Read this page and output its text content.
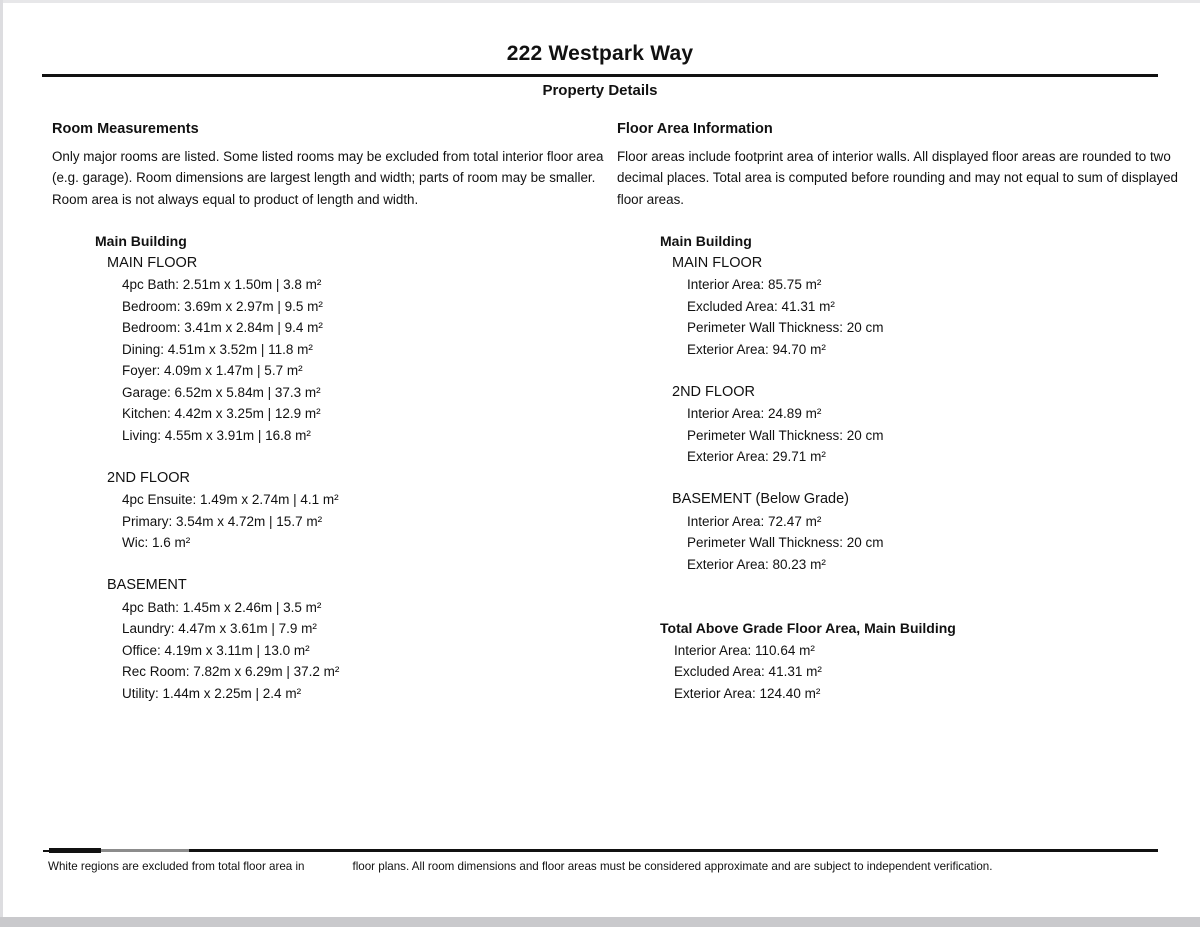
222 Westpark Way
Property Details
Room Measurements
Only major rooms are listed. Some listed rooms may be excluded from total interior floor area
(e.g. garage). Room dimensions are largest length and width; parts of room may be smaller.
Room area is not always equal to product of length and width.
Main Building
MAIN FLOOR
4pc Bath: 2.51m x 1.50m | 3.8 m²
Bedroom: 3.69m x 2.97m | 9.5 m²
Bedroom: 3.41m x 2.84m | 9.4 m²
Dining: 4.51m x 3.52m | 11.8 m²
Foyer: 4.09m x 1.47m | 5.7 m²
Garage: 6.52m x 5.84m | 37.3 m²
Kitchen: 4.42m x 3.25m | 12.9 m²
Living: 4.55m x 3.91m | 16.8 m²
2ND FLOOR
4pc Ensuite: 1.49m x 2.74m | 4.1 m²
Primary: 3.54m x 4.72m | 15.7 m²
Wic: 1.6 m²
BASEMENT
4pc Bath: 1.45m x 2.46m | 3.5 m²
Laundry: 4.47m x 3.61m | 7.9 m²
Office: 4.19m x 3.11m | 13.0 m²
Rec Room: 7.82m x 6.29m | 37.2 m²
Utility: 1.44m x 2.25m | 2.4 m²
Floor Area Information
Floor areas include footprint area of interior walls. All displayed floor areas are rounded to two
decimal places. Total area is computed before rounding and may not equal to sum of displayed
floor areas.
Main Building
MAIN FLOOR
Interior Area: 85.75 m²
Excluded Area: 41.31 m²
Perimeter Wall Thickness: 20 cm
Exterior Area: 94.70 m²
2ND FLOOR
Interior Area: 24.89 m²
Perimeter Wall Thickness: 20 cm
Exterior Area: 29.71 m²
BASEMENT (Below Grade)
Interior Area: 72.47 m²
Perimeter Wall Thickness: 20 cm
Exterior Area: 80.23 m²
Total Above Grade Floor Area, Main Building
Interior Area: 110.64 m²
Excluded Area: 41.31 m²
Exterior Area: 124.40 m²

White regions are excluded from total floor area in	floor plans. All room dimensions and floor areas must be considered approximate and are subject to independent verification.
